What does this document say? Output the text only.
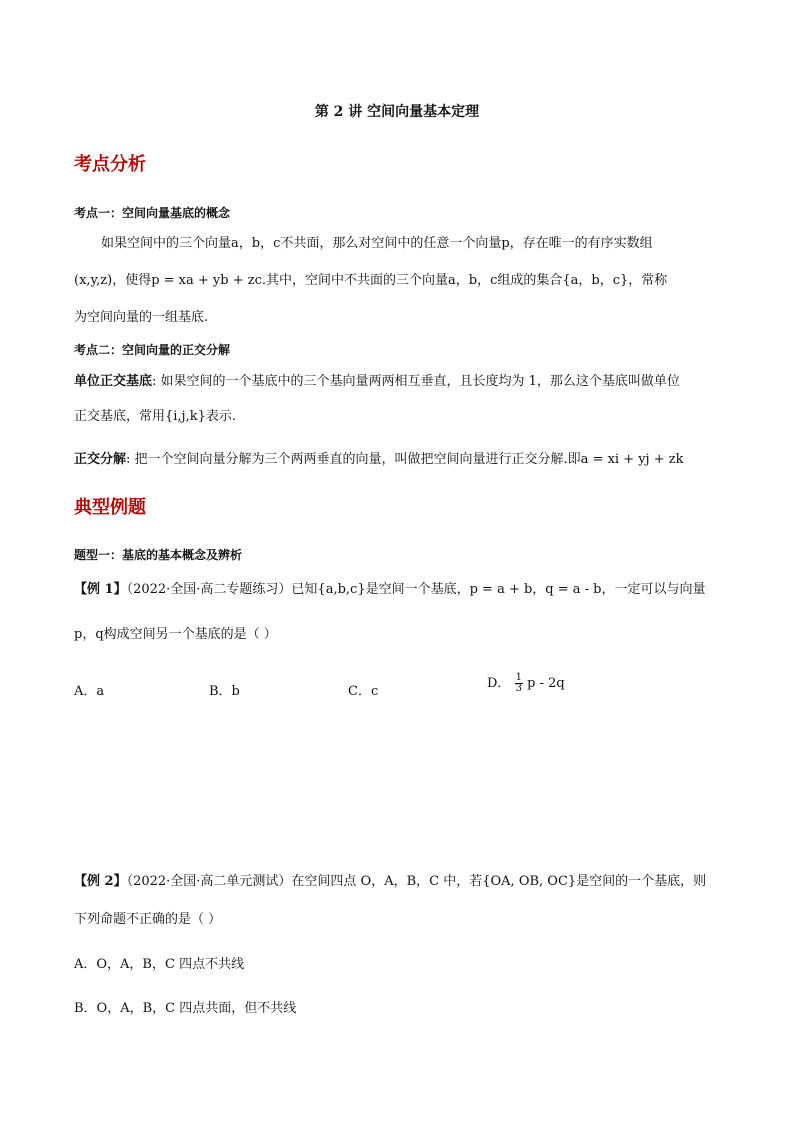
第 2 讲 空间向量基本定理
考点分析
考点一：空间向量基底的概念
如果空间中的三个向量a，b，c不共面，那么对空间中的任意一个向量p，存在唯一的有序实数组
(x,y,z)，使得p = xa + yb + zc.其中，空间中不共面的三个向量a，b，c组成的集合{a，b，c}，常称
为空间向量的一组基底.
考点二：空间向量的正交分解
单位正交基底: 如果空间的一个基底中的三个基向量两两相互垂直，且长度均为 1，那么这个基底叫做单位
正交基底，常用{i,j,k}表示.
正交分解: 把一个空间向量分解为三个两两垂直的向量，叫做把空间向量进行正交分解.即a = xi + yj + zk
典型例题
题型一：基底的基本概念及辨析
【例 1】（2022·全国·高二专题练习）已知{a,b,c}是空间一个基底，p = a + b，q = a - b，一定可以与向量
p，q构成空间另一个基底的是（ ）
A．a	B．b	C．c
D． $\frac{1}{3}$ p - 2q
【例 2】（2022·全国·高二单元测试）在空间四点 O，A，B，C 中，若{OA, OB, OC}是空间的一个基底，则
下列命题不正确的是（ ）
A．O，A，B，C 四点不共线
B．O，A，B，C 四点共面，但不共线
